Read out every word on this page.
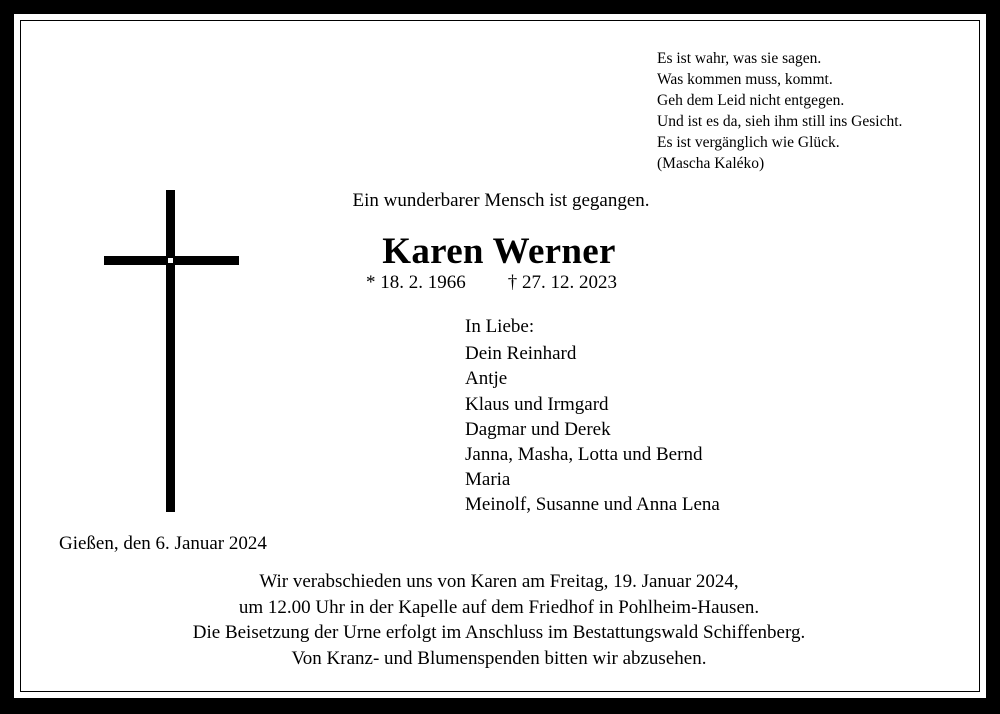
Es ist wahr, was sie sagen.
Was kommen muss, kommt.
Geh dem Leid nicht entgegen.
Und ist es da, sieh ihm still ins Gesicht.
Es ist vergänglich wie Glück.
(Mascha Kaléko)
Ein wunderbarer Mensch ist gegangen.
Karen Werner
* 18. 2. 1966 † 27. 12. 2023
In Liebe:
Dein Reinhard
Antje
Klaus und Irmgard
Dagmar und Derek
Janna, Masha, Lotta und Bernd
Maria
Meinolf, Susanne und Anna Lena
Gießen, den 6. Januar 2024
Wir verabschieden uns von Karen am Freitag, 19. Januar 2024,
um 12.00 Uhr in der Kapelle auf dem Friedhof in Pohlheim-Hausen.
Die Beisetzung der Urne erfolgt im Anschluss im Bestattungswald Schiffenberg.
Von Kranz- und Blumenspenden bitten wir abzusehen.
